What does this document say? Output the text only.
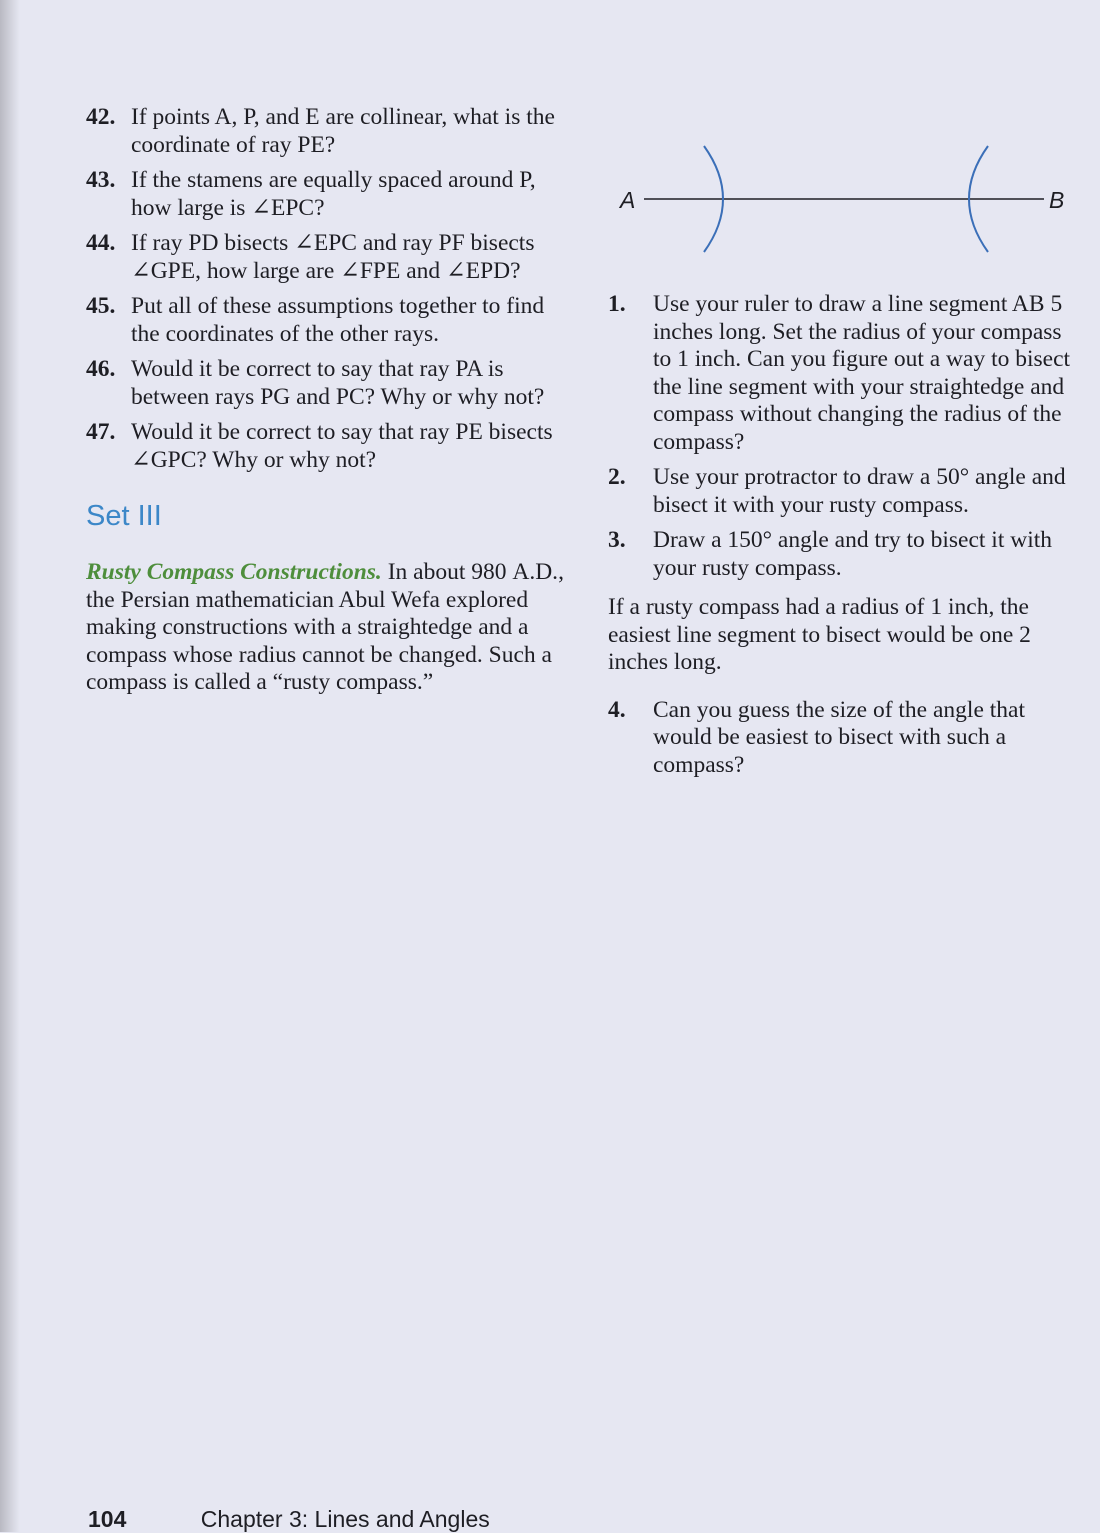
42. If points A, P, and E are collinear, what is the coordinate of ray PE?
43. If the stamens are equally spaced around P, how large is ∠EPC?
44. If ray PD bisects ∠EPC and ray PF bisects ∠GPE, how large are ∠FPE and ∠EPD?
45. Put all of these assumptions together to find the coordinates of the other rays.
46. Would it be correct to say that ray PA is between rays PG and PC? Why or why not?
47. Would it be correct to say that ray PE bisects ∠GPC? Why or why not?
Set III
Rusty Compass Constructions. In about 980 A.D., the Persian mathematician Abul Wefa explored making constructions with a straightedge and a compass whose radius cannot be changed. Such a compass is called a “rusty compass.”
A	B
1.	Use your ruler to draw a line segment AB 5 inches long. Set the radius of your compass to 1 inch. Can you figure out a way to bisect the line segment with your straightedge and compass without changing the radius of the compass?
2.	Use your protractor to draw a 50° angle and bisect it with your rusty compass.
3.	Draw a 150° angle and try to bisect it with your rusty compass.
If a rusty compass had a radius of 1 inch, the easiest line segment to bisect would be one 2 inches long.
4.	Can you guess the size of the angle that would be easiest to bisect with such a compass?
104	Chapter 3: Lines and Angles
